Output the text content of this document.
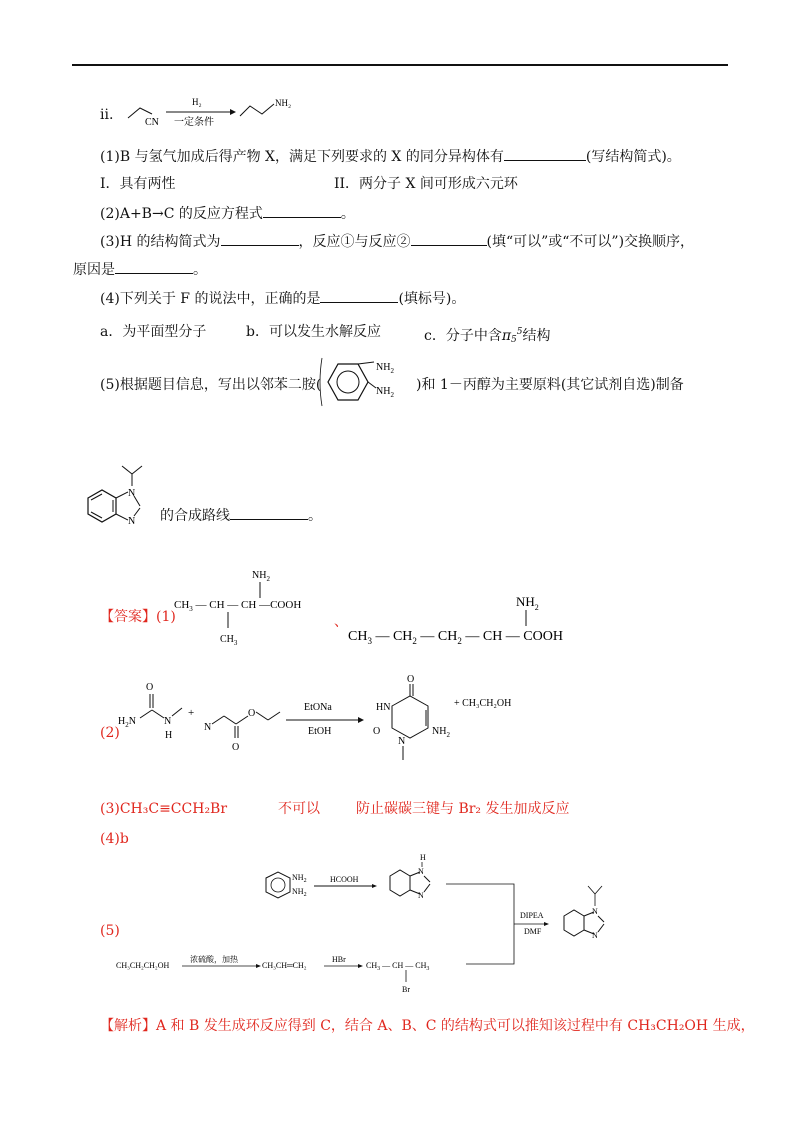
ii.	CN
H₂
一定条件
NH₂
(1)B 与氢气加成后得产物 X，满足下列要求的 X 的同分异构体有	(写结构简式)。
I．具有两性	II．两分子 X 间可形成六元环
(2)A+B→C 的反应方程式	。
(3)H 的结构简式为	，反应①与反应②	(填“可以”或“不可以”)交换顺序，
原因是	。
(4)下列关于 F 的说法中，正确的是	(填标号)。
a．为平面型分子	b．可以发生水解反应	c．分子中含$\pi_5^5$结构
(5)根据题目信息，写出以邻苯二胺(
$NH_2$
$NH_2$
)和 1－丙醇为主要原料(其它试剂自选)制备
N
N 的合成路线	。
【答案】(1)
$CH_3$ — CH — CH —COOH
$NH_2$
$CH_3$
、
$CH_3$ — $CH_2$ — $CH_2$ — CH — COOH
$NH_2$
(2)
O
$H_2N$	N
H
+
N
O
O
EtONa
EtOH
O
HN
O
N
$NH_2$
+ CH₃CH₂OH
(3)CH₃C≡CCH₂Br	不可以	防止碳碳三键与 Br₂ 发生加成反应
(4)b
(5)
$NH_2$
$NH_2$
HCOOH
N
N
H
DIPEA
DMF
N
N
CH₃CH₂CH₂OH
浓硫酸，加热
CH₃CH═CH₂
HBr
$CH_3$ — CH — $CH_3$
Br
【解析】A 和 B 发生成环反应得到 C，结合 A、B、C 的结构式可以推知该过程中有 CH₃CH₂OH 生成，
